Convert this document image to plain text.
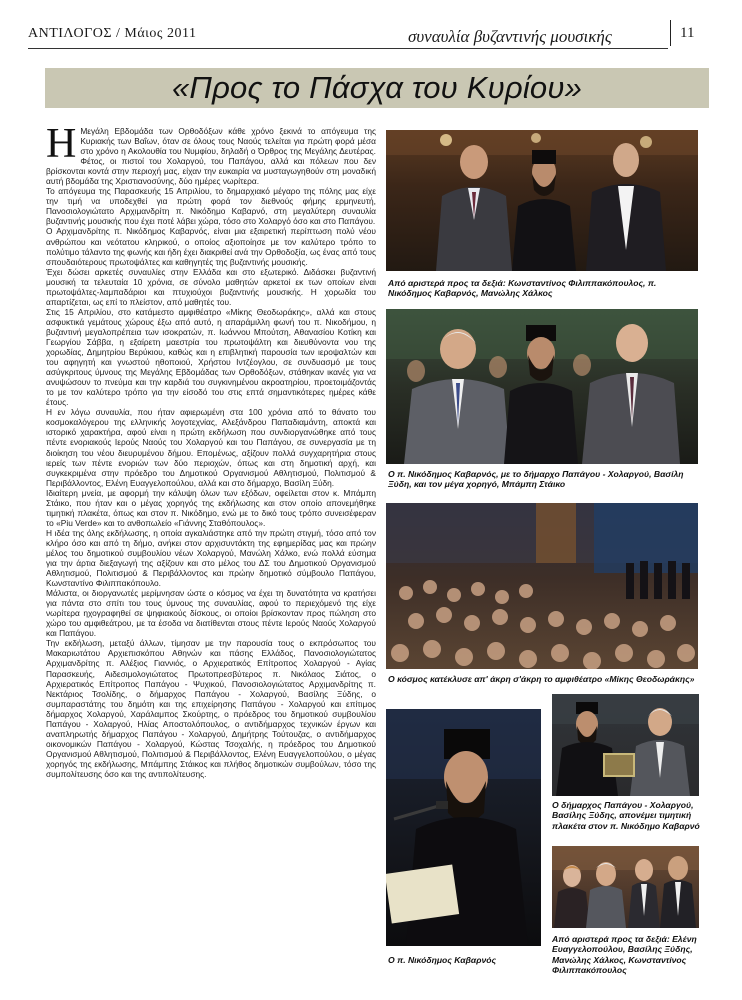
ΑΝΤΙΛΟΓΟΣ / Μάιος 2011	συναυλία βυζαντινής μουσικής	11
«Προς το Πάσχα του Κυρίου»

Η Μεγάλη Εβδομάδα των Ορθοδόξων κάθε χρόνο ξεκινά το απόγευμα της Κυριακής των Βαΐων, όταν σε όλους τους Ναούς τελείται για πρώτη φορά μέσα στο χρόνο η Ακολουθία του Νυμφίου, δηλαδή ο Όρθρος της Μεγάλης Δευτέρας. Φέτος, οι πιστοί του Χολαργού, του Παπάγου, αλλά και πόλεων που δεν βρίσκονται κοντά στην περιοχή μας, είχαν την ευκαιρία να μυσταγωγηθούν στη μοναδική αυτή βδομάδα της Χριστιανοσύνης, δύο ημέρες νωρίτερα.

Το απόγευμα της Παρασκευής 15 Απριλίου, το δημαρχιακό μέγαρο της πόλης μας είχε την τιμή να υποδεχθεί για πρώτη φορά τον διεθνούς φήμης ερμηνευτή, Πανοσιολογιώτατο Αρχιμανδρίτη π. Νικόδημο Καβαρνό, στη μεγαλύτερη συναυλία βυζαντινής μουσικής που έχει ποτέ λάβει χώρα, τόσο στο Χολαργό όσο και στο Παπάγου.

Ο Αρχιμανδρίτης π. Νικόδημος Καβαρνός, είναι μια εξαιρετική περίπτωση πολύ νέου ανθρώπου και νεότατου κληρικού, ο οποίος αξιοποίησε με τον καλύτερο τρόπο το πολύτιμο τάλαντο της φωνής και ήδη έχει διακριθεί ανά την Ορθοδοξία, ως ένας από τους σπουδαιότερους πρωτοψάλτες και καθηγητές της βυζαντινής μουσικής.

Έχει δώσει αρκετές συναυλίες στην Ελλάδα και στο εξωτερικό. Διδάσκει βυζαντινή μουσική τα τελευταία 10 χρόνια, σε σύνολο μαθητών αρκετοί εκ των οποίων είναι πρωτοψάλτες-λαμπαδάριοι και πτυχιούχοι βυζαντινής μουσικής. Η χορωδία του απαρτίζεται, ως επί το πλείστον, από μαθητές του.

Στις 15 Απριλίου, στο κατάμεστο αμφιθέατρο «Μίκης Θεοδωράκης», αλλά και στους ασφυκτικά γεμάτους χώρους έξω από αυτό, η απαράμιλλη φωνή του π. Νικοδήμου, η βυζαντινή μεγαλοπρέπεια των ισοκρατών, π. Ιωάννου Μπούτση, Αθανασίου Κοτίκη και Γεωργίου Σάββα, η εξαίρετη μαεστρία του πρωτοψάλτη και διευθύνοντα νου της χορωδίας, Δημητρίου Βερύκιου, καθώς και η επιβλητική παρουσία των ιεροψαλτών και του αφηγητή και γνωστού ηθοποιού, Χρήστου Ιντζέογλου, σε συνδυασμό με τους ασύγκριτους ύμνους της Μεγάλης Εβδομάδας των Ορθοδόξων, στάθηκαν ικανές για να ανυψώσουν το πνεύμα και την καρδιά του συγκινημένου ακροατηρίου, προετοιμάζοντάς το με τον καλύτερο τρόπο για την είσοδό του στις επτά σημαντικότερες ημέρες κάθε έτους.

Η εν λόγω συναυλία, που ήταν αφιερωμένη στα 100 χρόνια από το θάνατο του κοσμοκαλόγερου της ελληνικής λογοτεχνίας, Αλεξάνδρου Παπαδιαμάντη, αποκτά και ιστορικό χαρακτήρα, αφού είναι η πρώτη εκδήλωση που συνδιοργανώθηκε από τους πέντε ενοριακούς Ιερούς Ναούς του Χολαργού και του Παπάγου, σε συνεργασία με τη διοίκηση του νέου διευρυμένου δήμου. Επομένως, αξίζουν πολλά συγχαρητήρια στους ιερείς των πέντε ενοριών των δύο περιοχών, όπως και στη δημοτική αρχή, και συγκεκριμένα στην πρόεδρο του Δημοτικού Οργανισμού Αθλητισμού, Πολιτισμού & Περιβάλλοντος, Ελένη Ευαγγελοπούλου, αλλά και στο δήμαρχο, Βασίλη Ξύδη.

Ιδιαίτερη μνεία, με αφορμή την κάλυψη όλων των εξόδων, οφείλεται στον κ. Μπάμπη Στάικο, που ήταν και ο μέγας χορηγός της εκδήλωσης και στον οποίο απονεμήθηκε τιμητική πλακέτα, όπως και στον π. Νικόδημο, ενώ με το δικό τους τρόπο συνεισέφεραν το «Piu Verde» και το ανθοπωλείο «Γιάννης Σταθόπουλος».

Η ιδέα της όλης εκδήλωσης, η οποία αγκαλιάστηκε από την πρώτη στιγμή, τόσο από τον κλήρο όσο και από τη δήμο, ανήκει στον αρχισυντάκτη της εφημερίδας μας και πρώην μέλος του δημοτικού συμβουλίου νέων Χολαργού, Μανώλη Χάλκο, ενώ πολλά εύσημα για την άρτια διεξαγωγή της αξίζουν και στο μέλος του ΔΣ του Δημοτικού Οργανισμού Αθλητισμού, Πολιτισμού & Περιβάλλοντος και πρώην δημοτικό σύμβουλο Παπάγου, Κωνσταντίνο Φιλιππακόπουλο.

Μάλιστα, οι διοργανωτές μερίμνησαν ώστε ο κόσμος να έχει τη δυνατότητα να κρατήσει για πάντα στο σπίτι του τους ύμνους της συναυλίας, αφού το περιεχόμενό της είχε νωρίτερα ηχογραφηθεί σε ψηφιακούς δίσκους, οι οποίοι βρίσκονταν προς πώληση στο χώρο του αμφιθεάτρου, με τα έσοδα να διατίθενται στους πέντε Ιερούς Ναούς Χολαργού και Παπάγου.

Την εκδήλωση, μεταξύ άλλων, τίμησαν με την παρουσία τους ο εκπρόσωπος του Μακαριωτάτου Αρχιεπισκόπου Αθηνών και πάσης Ελλάδος, Πανοσιολογιώτατος Αρχιμανδρίτης π. Αλέξιος Γιαννιός, ο Αρχιερατικός Επίτροπος Χολαργού - Αγίας Παρασκευής, Αιδεσιμολογιώτατος Πρωτοπρεσβύτερος π. Νικόλαος Σιάτος, ο Αρχιερατικός Επίτροπος Παπάγου - Ψυχικού, Πανοσιολογιώτατος Αρχιμανδρίτης π. Νεκτάριος Τσολίδης, ο δήμαρχος Παπάγου - Χολαργού, Βασίλης Ξύδης, ο συμπαραστάτης του δημότη και της επιχείρησης Παπάγου - Χολαργού και επίτιμος δήμαρχος Χολαργού, Χαράλαμπος Σκούρτης, ο πρόεδρος του δημοτικού συμβουλίου Παπάγου - Χολαργού, Ηλίας Αποστολόπουλος, ο αντιδήμαρχος τεχνικών έργων και αναπληρωτής δήμαρχος Παπάγου - Χολαργού, Δημήτρης Τούτουζας, ο αντιδήμαρχος οικονομικών Παπάγου - Χολαργού, Κώστας Τσοχαλής, η πρόεδρος του Δημοτικού Οργανισμού Αθλητισμού, Πολιτισμού & Περιβάλλοντος, Ελένη Ευαγγελοπούλου, ο μέγας χορηγός της εκδήλωσης, Μπάμπης Στάικος και πλήθος δημοτικών συμβούλων, τόσο της συμπολίτευσης όσο και της αντιπολίτευσης.

Από αριστερά προς τα δεξιά: Κωνσταντίνος Φιλιππακόπουλος, π. Νικόδημος Καβαρνός, Μανώλης Χάλκος
Ο π. Νικόδημος Καβαρνός, με το δήμαρχο Παπάγου - Χολαργού, Βασίλη Ξύδη, και τον μέγα χορηγό, Μπάμπη Στάικο
Ο κόσμος κατέκλυσε απ' άκρη σ'άκρη το αμφιθέατρο «Μίκης Θεοδωράκης»
Ο π. Νικόδημος Καβαρνός
Ο δήμαρχος Παπάγου - Χολαργού, Βασίλης Ξύδης, απονέμει τιμητική πλακέτα στον π. Νικόδημο Καβαρνό
Από αριστερά προς τα δεξιά: Ελένη Ευαγγελοπούλου, Βασίλης Ξύδης, Μανώλης Χάλκος, Κωνσταντίνος Φιλιππακόπουλος
